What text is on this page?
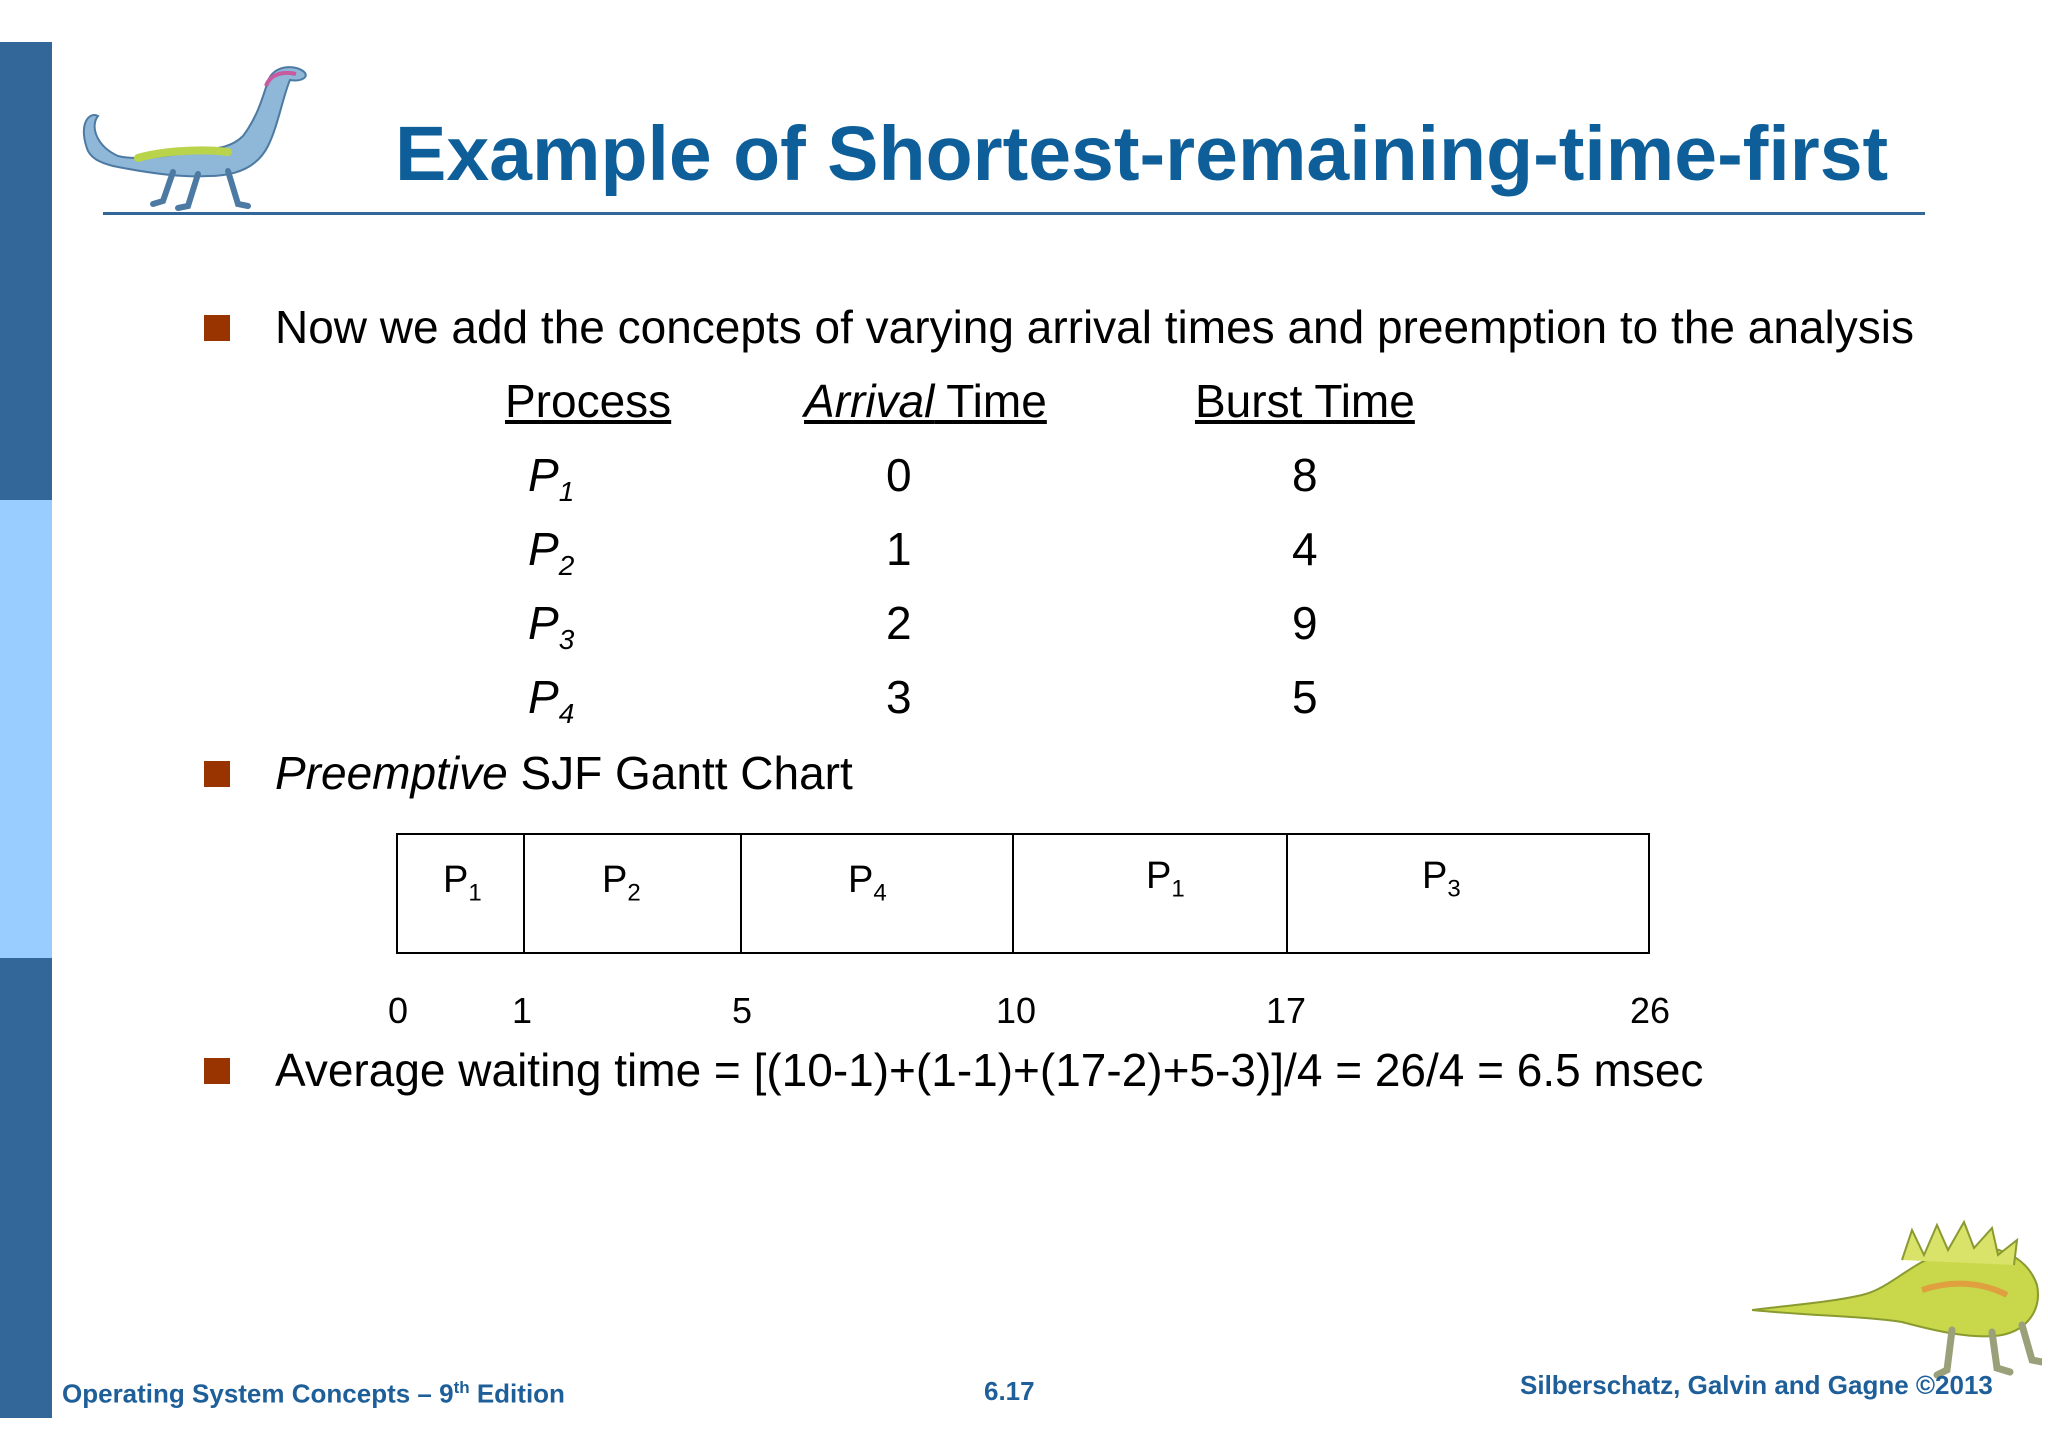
Example of Shortest-remaining-time-first
Now we add the concepts of varying arrival times and preemption to the analysis
Process	Arrival Time	Burst Time
$P_1$	0	8
$P_2$	1	4
$P_3$	2	9
$P_4$	3	5
Preemptive SJF Gantt Chart
$P_1$	$P_2$	$P_4$	$P_1$	$P_3$
0	1	5	10	17	26
Average waiting time = [(10-1)+(1-1)+(17-2)+5-3)]/4 = 26/4 = 6.5 msec
Operating System Concepts – 9th Edition	6.17	Silberschatz, Galvin and Gagne ©2013
